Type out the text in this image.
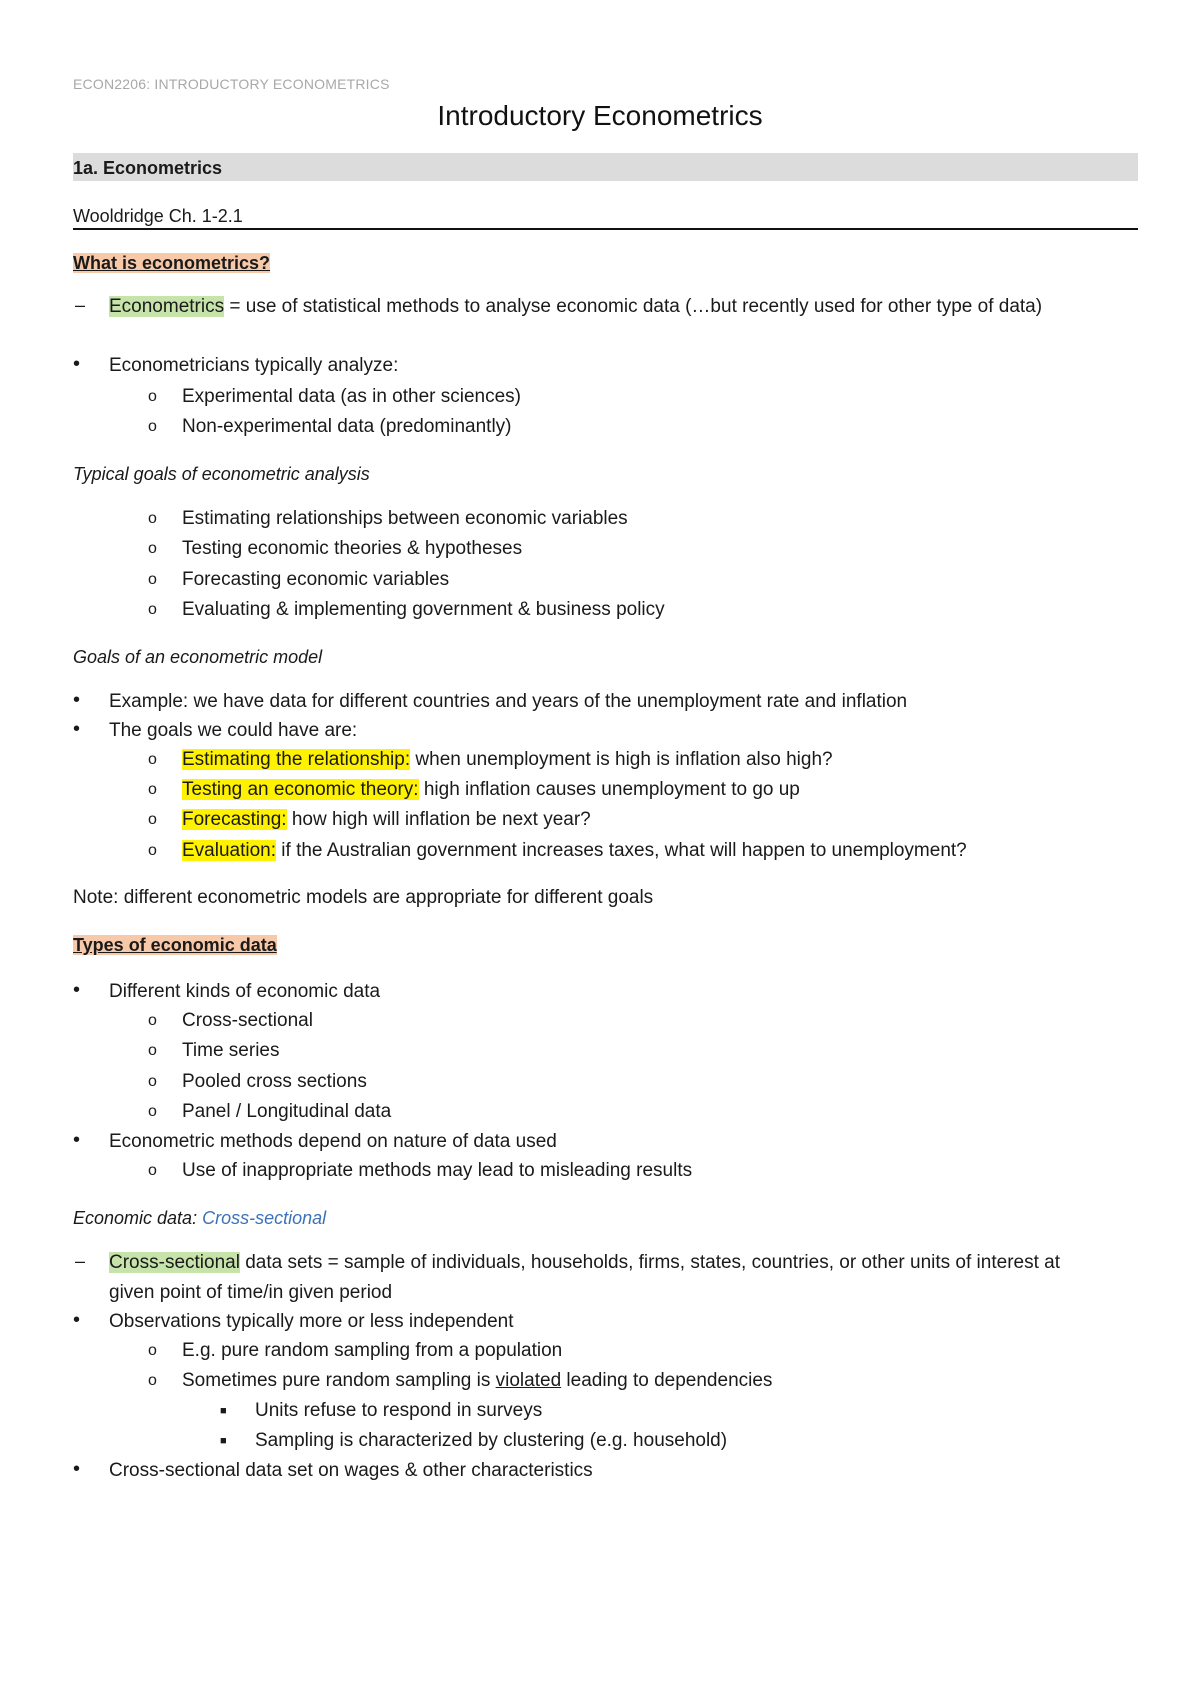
ECON2206: INTRODUCTORY ECONOMETRICS
Introductory Econometrics
1a. Econometrics
Wooldridge Ch. 1-2.1
What is econometrics?
– Econometrics = use of statistical methods to analyse economic data (…but recently used for other type of data)
• Econometricians typically analyze:
o Experimental data (as in other sciences)
o Non-experimental data (predominantly)
Typical goals of econometric analysis
o Estimating relationships between economic variables
o Testing economic theories & hypotheses
o Forecasting economic variables
o Evaluating & implementing government & business policy
Goals of an econometric model
• Example: we have data for different countries and years of the unemployment rate and inflation
• The goals we could have are:
o Estimating the relationship: when unemployment is high is inflation also high?
o Testing an economic theory: high inflation causes unemployment to go up
o Forecasting: how high will inflation be next year?
o Evaluation: if the Australian government increases taxes, what will happen to unemployment?
Note: different econometric models are appropriate for different goals
Types of economic data
• Different kinds of economic data
o Cross-sectional
o Time series
o Pooled cross sections
o Panel / Longitudinal data
• Econometric methods depend on nature of data used
o Use of inappropriate methods may lead to misleading results
Economic data: Cross-sectional
– Cross-sectional data sets = sample of individuals, households, firms, states, countries, or other units of interest at
given point of time/in given period
• Observations typically more or less independent
o E.g. pure random sampling from a population
o Sometimes pure random sampling is violated leading to dependencies
■ Units refuse to respond in surveys
■ Sampling is characterized by clustering (e.g. household)
• Cross-sectional data set on wages & other characteristics
